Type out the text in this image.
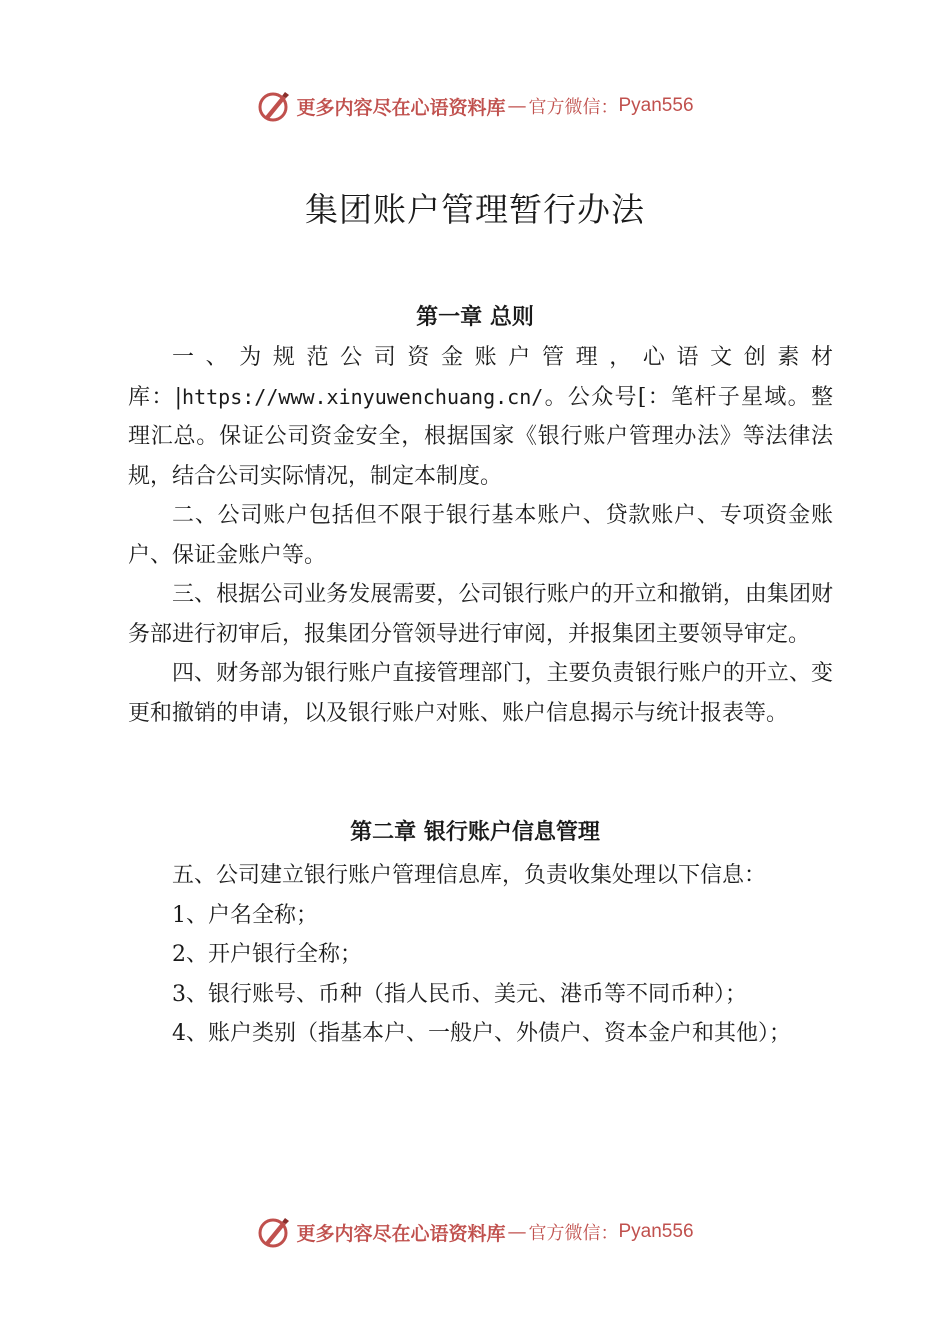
更多内容尽在心语资料库 — 官方微信： Pyan556
集团账户管理暂行办法
第一章 总则

一、为规范公司资金账户管理，心语文创素材库：|https://www.xinyuwenchuang.cn/。公众号[：笔杆子星域。整理汇总。保证公司资金安全，根据国家《银行账户管理办法》等法律法规，结合公司实际情况，制定本制度。

二、公司账户包括但不限于银行基本账户、贷款账户、专项资金账户、保证金账户等。

三、根据公司业务发展需要，公司银行账户的开立和撤销，由集团财务部进行初审后，报集团分管领导进行审阅，并报集团主要领导审定。

四、财务部为银行账户直接管理部门，主要负责银行账户的开立、变更和撤销的申请，以及银行账户对账、账户信息揭示与统计报表等。

第二章 银行账户信息管理

五、公司建立银行账户管理信息库，负责收集处理以下信息：

1、户名全称；

2、开户银行全称；

3、银行账号、币种（指人民币、美元、港币等不同币种）；

4、账户类别（指基本户、一般户、外债户、资本金户和其他）；

更多内容尽在心语资料库 — 官方微信： Pyan556
